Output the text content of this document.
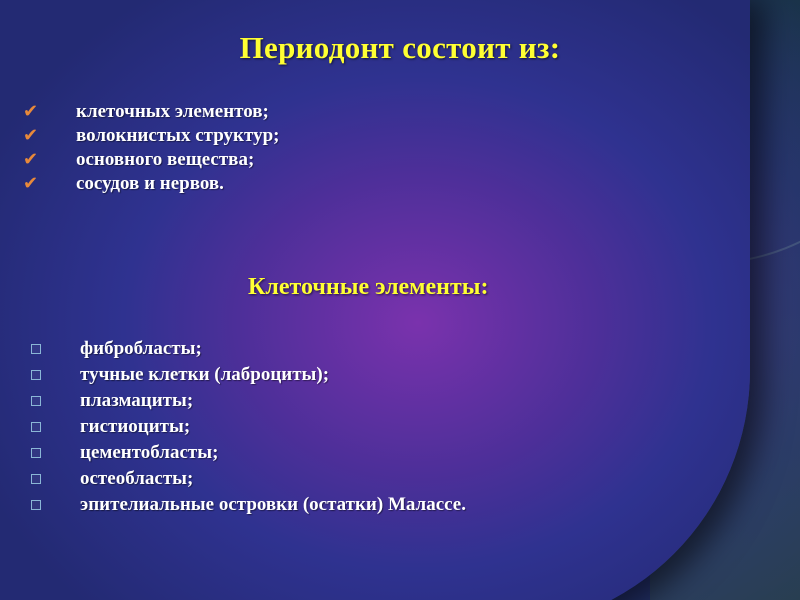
Периодонт состоит из:
✔	клеточных элементов;
✔	волокнистых структур;
✔	основного вещества;
✔	сосудов и нервов.
Клеточные элементы:
фибробласты;
тучные клетки (лаброциты);
плазмациты;
гистиоциты;
цементобласты;
остеобласты;
эпителиальные островки (остатки) Малассе.
